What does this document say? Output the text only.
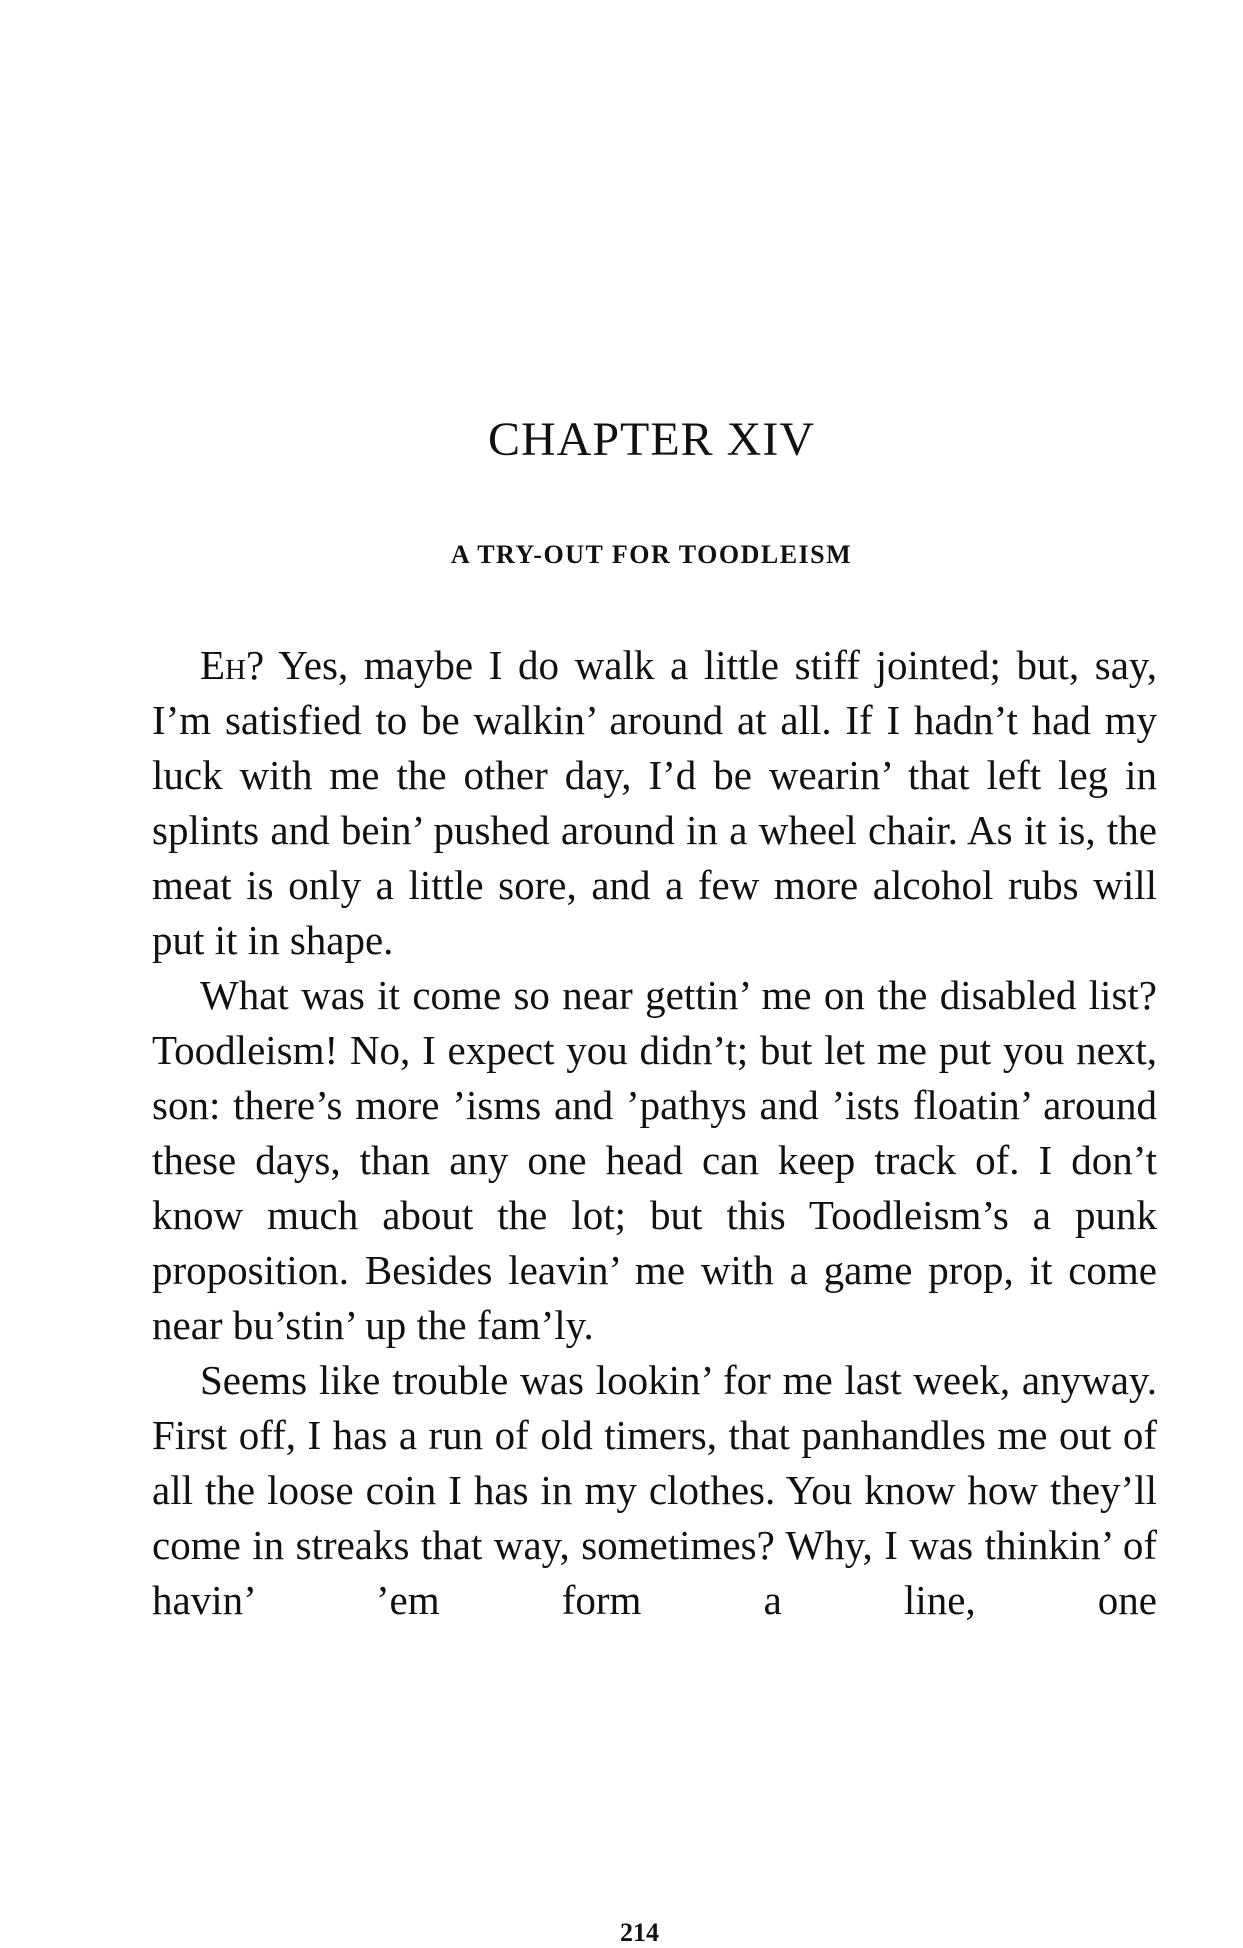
CHAPTER XIV
A TRY-OUT FOR TOODLEISM

Eh? Yes, maybe I do walk a little stiff jointed; but, say, I’m satisfied to be walkin’ around at all. If I hadn’t had my luck with me the other day, I’d be wearin’ that left leg in splints and bein’ pushed around in a wheel chair. As it is, the meat is only a little sore, and a few more alcohol rubs will put it in shape.

What was it come so near gettin’ me on the disabled list? Toodleism! No, I expect you didn’t; but let me put you next, son: there’s more ’isms and ’pathys and ’ists floatin’ around these days, than any one head can keep track of. I don’t know much about the lot; but this Toodleism’s a punk proposition. Besides leavin’ me with a game prop, it come near bu’stin’ up the fam’ly.

Seems like trouble was lookin’ for me last week, anyway. First off, I has a run of old timers, that panhandles me out of all the loose coin I has in my clothes. You know how they’ll come in streaks that way, sometimes? Why, I was thinkin’ of havin’ ’em form a line, one

214
